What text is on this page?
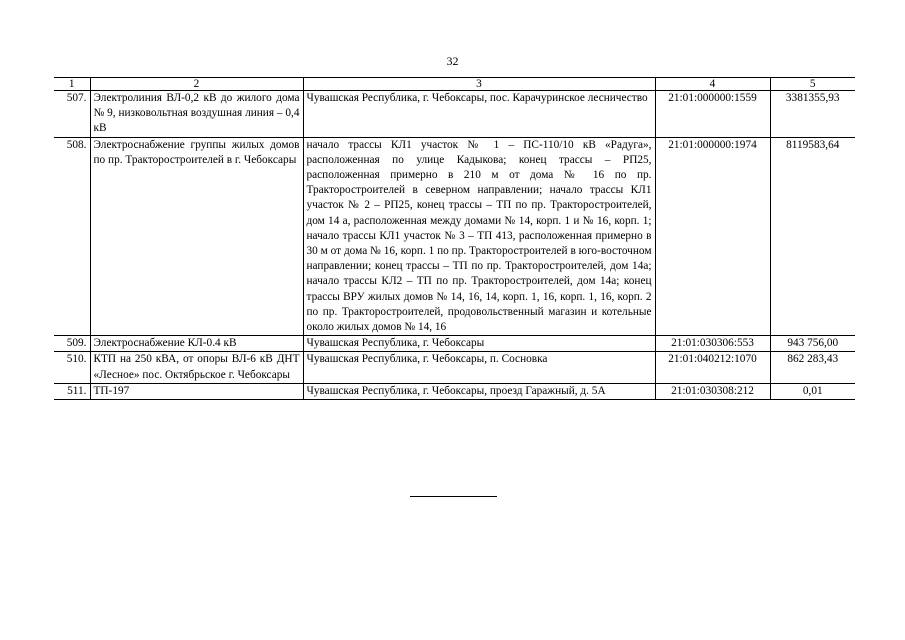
32
1	2	3	4	5
507.	Электролиния ВЛ-0,2 кВ до жилого дома № 9, низковольтная воздушная линия – 0,4 кВ	Чувашская Республика, г. Чебоксары, пос. Карачуринское лесничество	21:01:000000:1559	3381355,93
508.	Электроснабжение группы жилых домов по пр. Тракторостроителей в г. Чебоксары	начало трассы КЛ1 участок № 1 – ПС-110/10 кВ «Радуга», расположенная по улице Кадыкова; конец трассы – РП25, расположенная примерно в 210 м от дома № 16 по пр. Тракторостроителей в северном направлении; начало трассы КЛ1 участок № 2 – РП25, конец трассы – ТП по пр. Тракторостроителей, дом 14 а, расположенная между домами № 14, корп. 1 и № 16, корп. 1; начало трассы КЛ1 участок № 3 – ТП 413, расположенная примерно в 30 м от дома № 16, корп. 1 по пр. Тракторостроителей в юго-восточном направлении; конец трассы – ТП по пр. Тракторостроителей, дом 14а; начало трассы КЛ2 – ТП по пр. Тракторостроителей, дом 14а; конец трассы ВРУ жилых домов № 14, 16, 14, корп. 1, 16, корп. 1, 16, корп. 2 по пр. Тракторостроителей, продовольственный магазин и котельные около жилых домов № 14, 16	21:01:000000:1974	8119583,64
509.	Электроснабжение КЛ-0.4 кВ	Чувашская Республика, г. Чебоксары	21:01:030306:553	943 756,00
510.	КТП на 250 кВА, от опоры ВЛ-6 кВ ДНТ «Лесное» пос. Октябрьское г. Чебоксары	Чувашская Республика, г. Чебоксары, п. Сосновка	21:01:040212:1070	862 283,43
511.	ТП-197	Чувашская Республика, г. Чебоксары, проезд Гаражный, д. 5А	21:01:030308:212	0,01
